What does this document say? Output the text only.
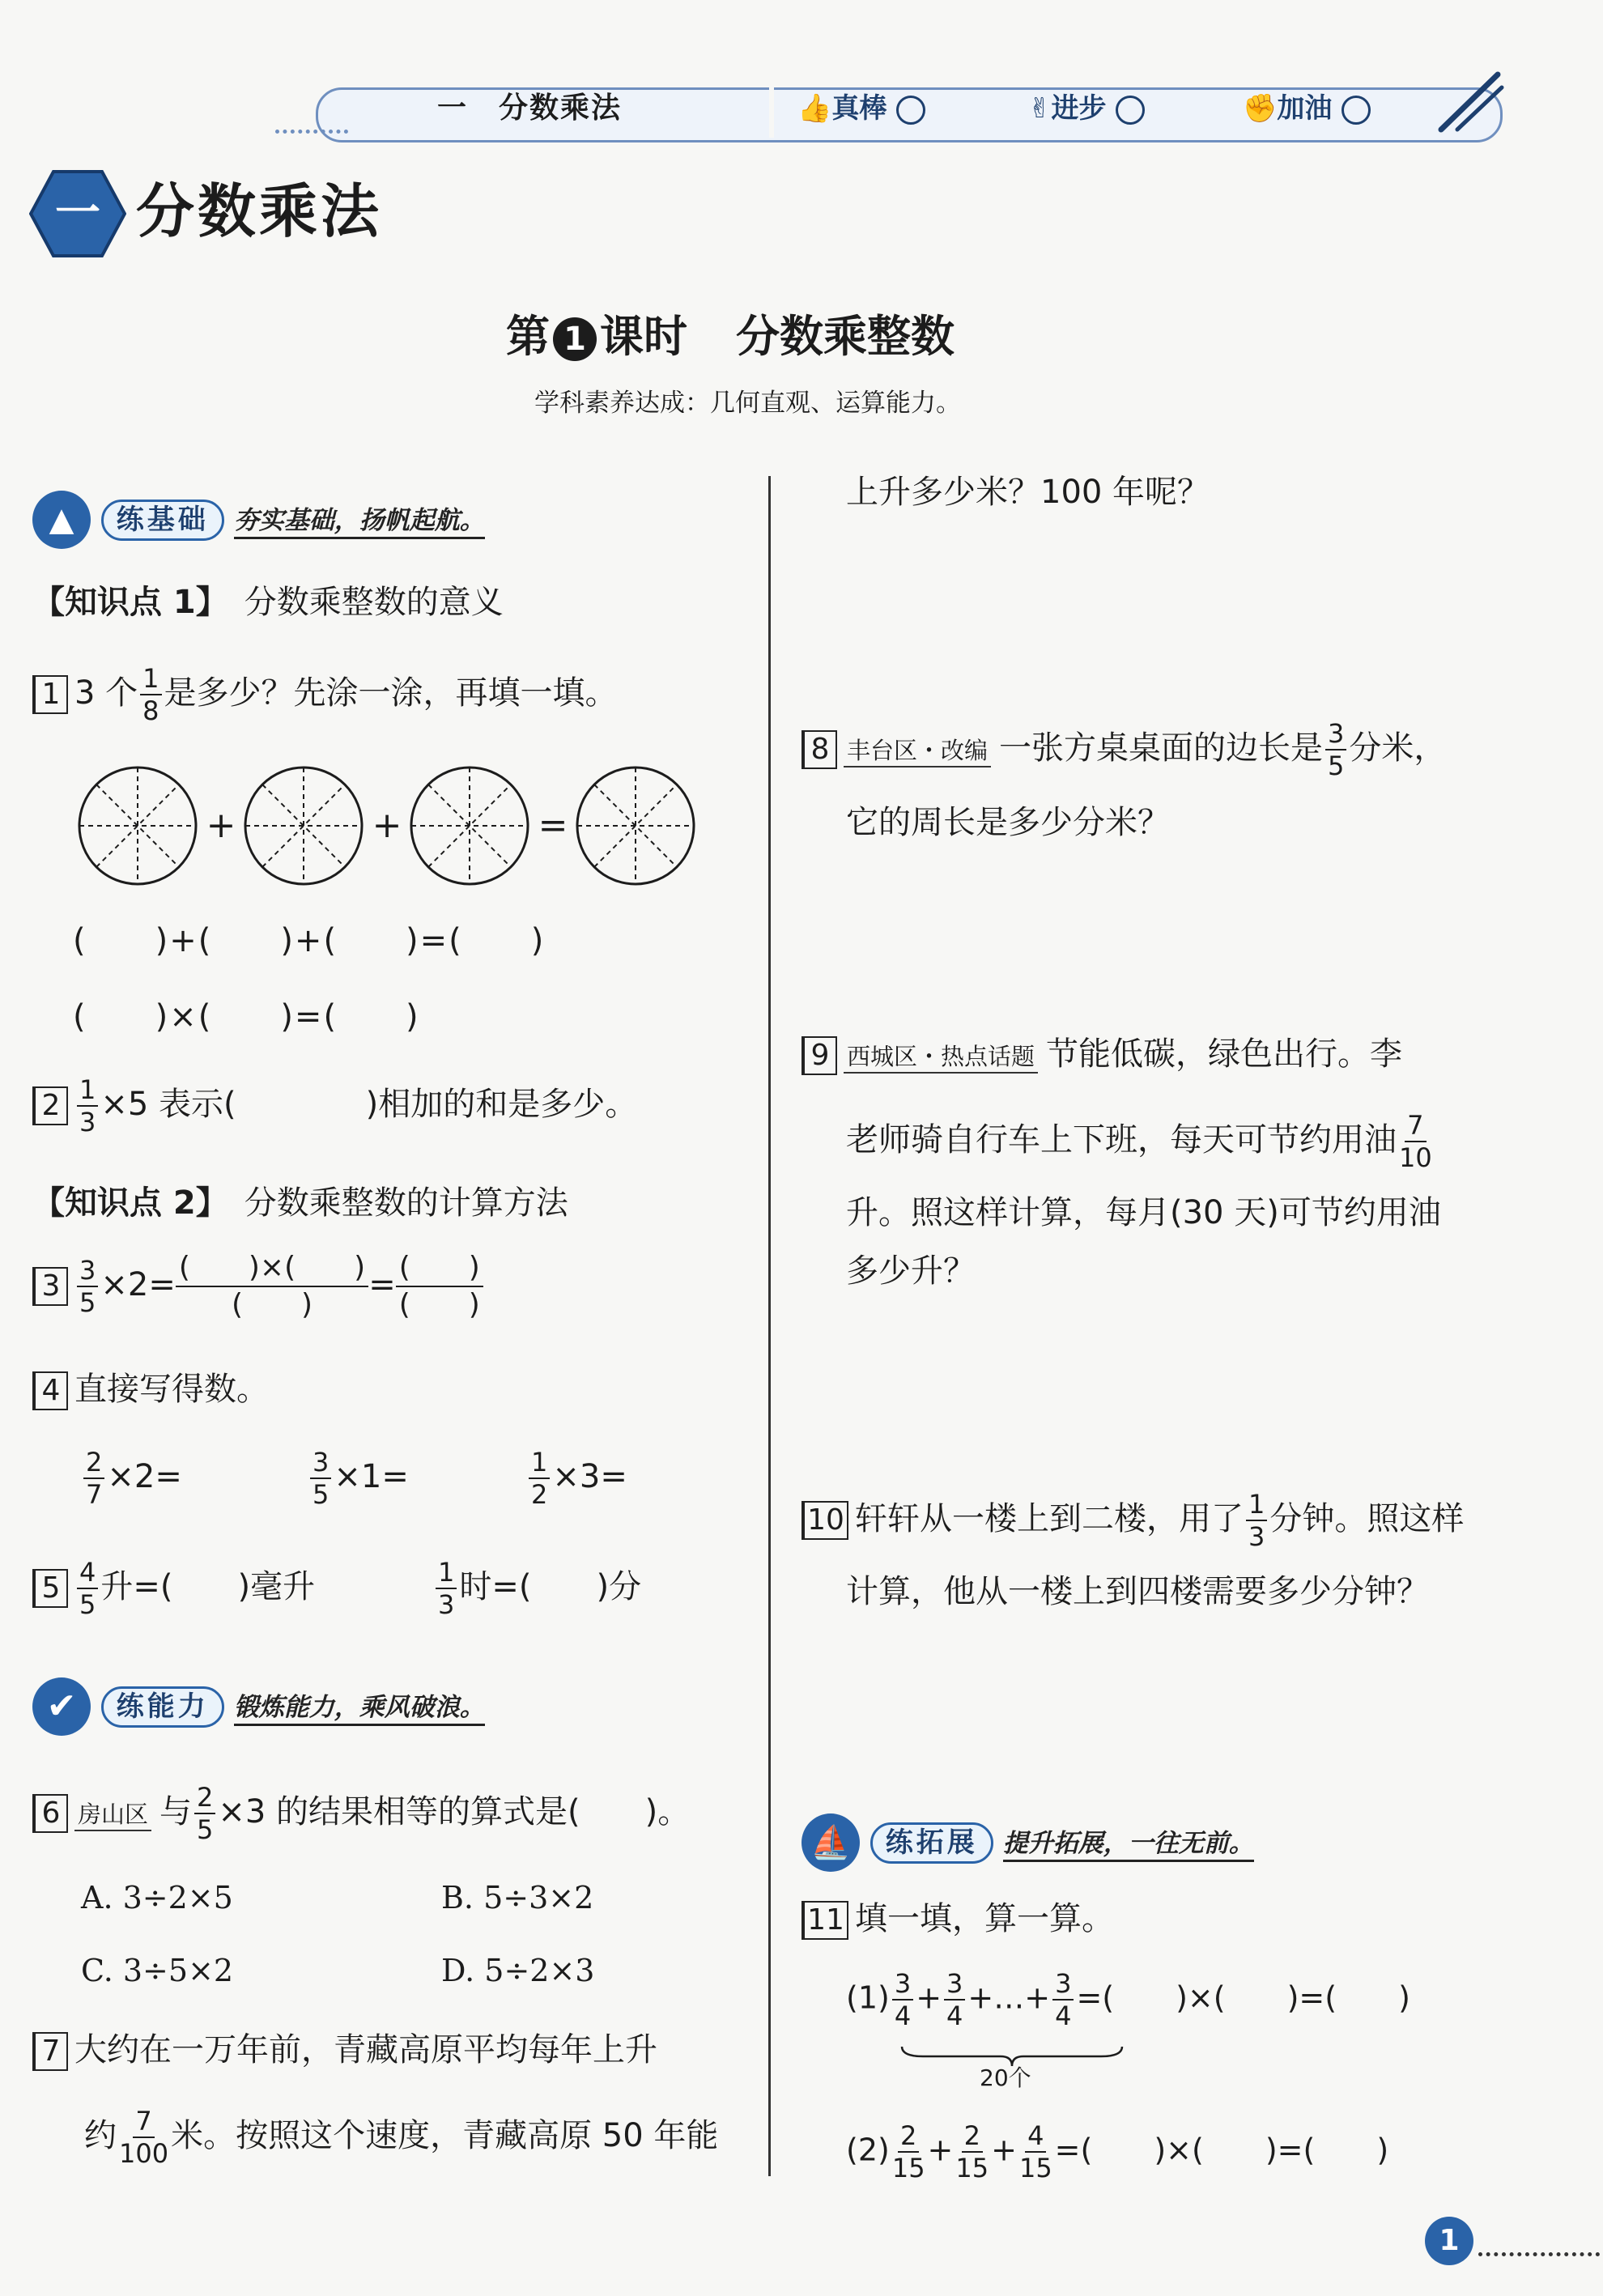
一　分数乘法	👍真棒	✌进步	✊加油
一 分数乘法
第 1 课时 分数乘整数
学科素养达成：几何直观、运算能力。
▲ 练基础 夯实基础，扬帆起航。
【知识点 1】 分数乘整数的意义
1 3 个 $\frac{1}{8}$ 是多少？先涂一涂，再填一填。
+	+	=
(　　)+(　　)+(　　)=(　　)
(　　)×(　　)=(　　)
$2 \frac{1}{3} \times 5$ 表示(　　　　)相加的和是多少。
【知识点 2】 分数乘整数的计算方法
$3 \frac{3}{5} \times 2=$ (　　)×(　　)
(　　)
= (　　)
(　　)
4 直接写得数。
$\frac{2}{7} \times 2=$	$\frac{3}{5} \times 1=$	$\frac{1}{2} \times 3=$
$5 \frac{4}{5}$ 升=(　　)毫升	$\frac{1}{3}$ 时=(　　)分
✔ 练能力 锻炼能力，乘风破浪。
6 房山区 与 $\frac{2}{5} \times 3$ 的结果相等的算式是(　　)。
A. 3÷2×5	B. 5÷3×2
C. 3÷5×2	D. 5÷2×3
7 大约在一万年前，青藏高原平均每年上升
约 $\frac{7}{100}$ 米。按照这个速度，青藏高原 50 年能
上升多少米？100 年呢？
8 丰台区・改编 一张方桌桌面的边长是 $\frac{3}{5}$ 分米，
它的周长是多少分米？
9 西城区・热点话题 节能低碳，绿色出行。李
老师骑自行车上下班，每天可节约用油 $\frac{7}{10}$
升。照这样计算，每月(30 天)可节约用油
多少升？
10 轩轩从一楼上到二楼，用了 $\frac{1}{3}$ 分钟。照这样
计算，他从一楼上到四楼需要多少分钟？
⛵ 练拓展 提升拓展，一往无前。
11 填一填，算一算。
$(1) \frac{3}{4} + \frac{3}{4}$ +…+ $\frac{3}{4}$ =(　　)×(　　)=(　　)
20个
$(2) \frac{2}{15} + \frac{2}{15} + \frac{4}{15}$ =(　　)×(　　)=(　　)
1
